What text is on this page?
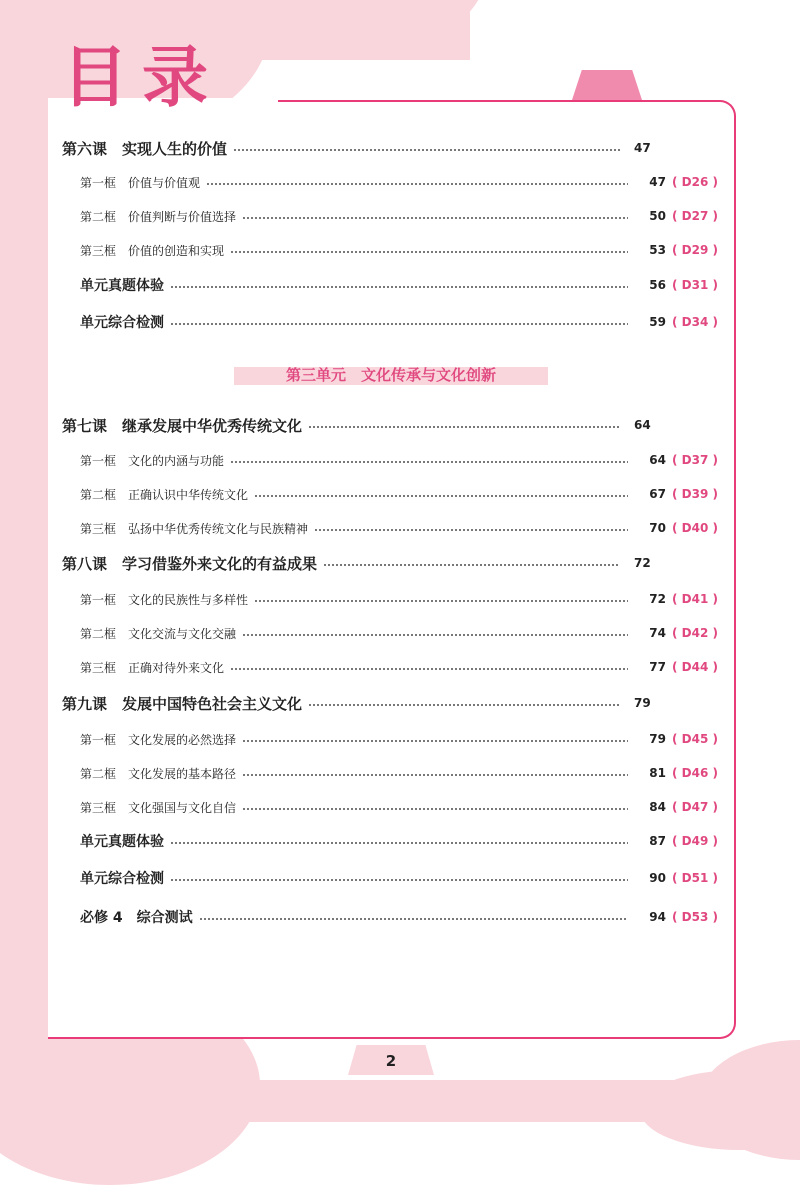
目录
第六课　实现人生的价值	47
第一框　价值与价值观	47 ( D26 )
第二框　价值判断与价值选择	50 ( D27 )
第三框　价值的创造和实现	53 ( D29 )
单元真题体验	56 ( D31 )
单元综合检测	59 ( D34 )
第七课　继承发展中华优秀传统文化	64
第一框　文化的内涵与功能	64 ( D37 )
第二框　正确认识中华传统文化	67 ( D39 )
第三框　弘扬中华优秀传统文化与民族精神	70 ( D40 )
第八课　学习借鉴外来文化的有益成果	72
第一框　文化的民族性与多样性	72 ( D41 )
第二框　文化交流与文化交融	74 ( D42 )
第三框　正确对待外来文化	77 ( D44 )
第九课　发展中国特色社会主义文化	79
第一框　文化发展的必然选择	79 ( D45 )
第二框　文化发展的基本路径	81 ( D46 )
第三框　文化强国与文化自信	84 ( D47 )
单元真题体验	87 ( D49 )
单元综合检测	90 ( D51 )
必修 4　综合测试	94 ( D53 )
第三单元　文化传承与文化创新
2
